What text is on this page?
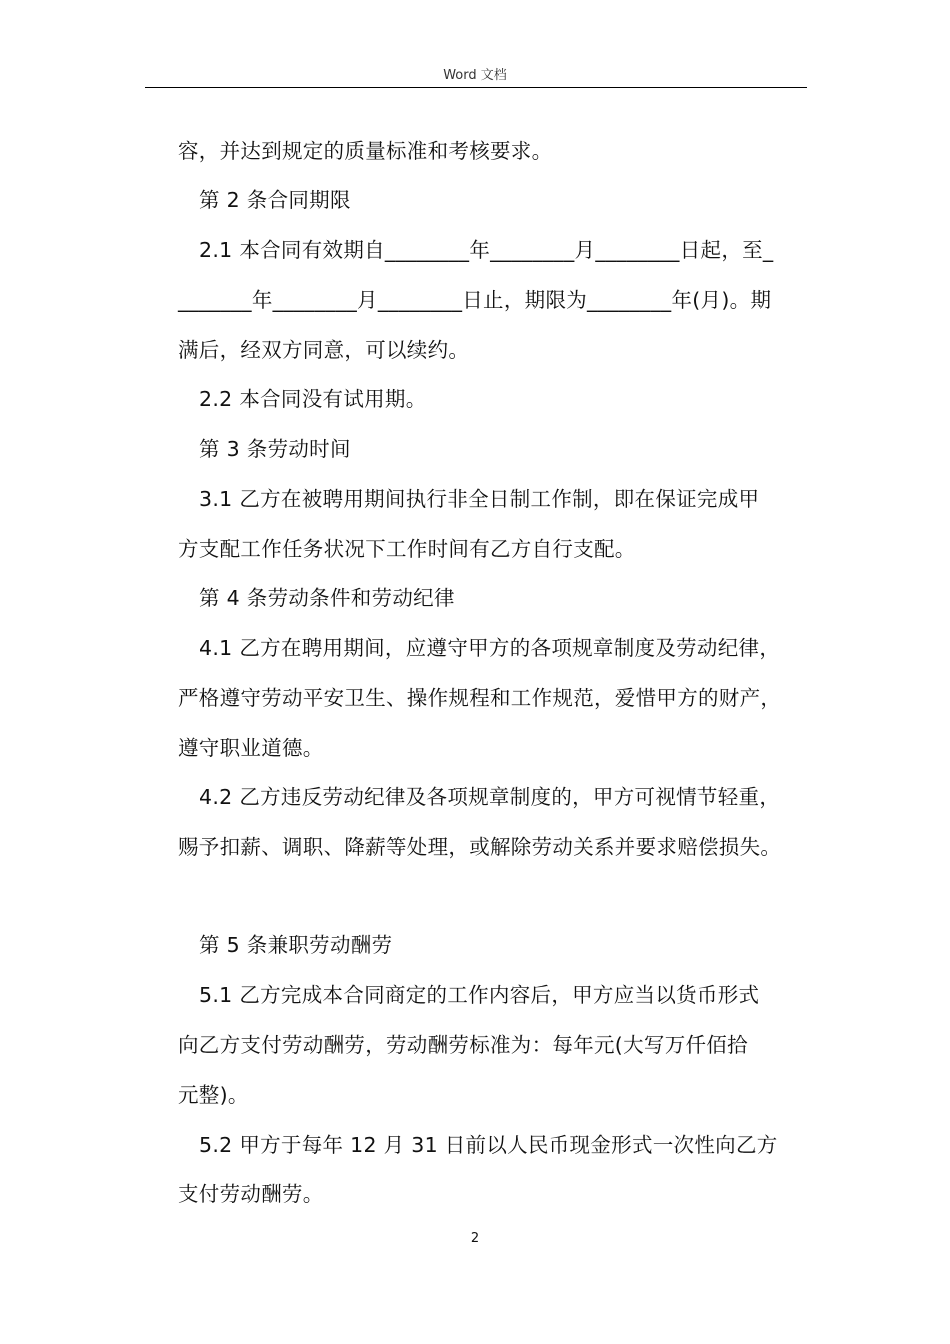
Word 文档
容，并达到规定的质量标准和考核要求。
第 2 条合同期限
2.1 本合同有效期自________年________月________日起，至_
_______年________月________日止，期限为________年(月)。期
满后，经双方同意，可以续约。
2.2 本合同没有试用期。
第 3 条劳动时间
3.1 乙方在被聘用期间执行非全日制工作制，即在保证完成甲
方支配工作任务状况下工作时间有乙方自行支配。
第 4 条劳动条件和劳动纪律
4.1 乙方在聘用期间，应遵守甲方的各项规章制度及劳动纪律，
严格遵守劳动平安卫生、操作规程和工作规范，爱惜甲方的财产，
遵守职业道德。
4.2 乙方违反劳动纪律及各项规章制度的，甲方可视情节轻重，
赐予扣薪、调职、降薪等处理，或解除劳动关系并要求赔偿损失。
第 5 条兼职劳动酬劳
5.1 乙方完成本合同商定的工作内容后，甲方应当以货币形式
向乙方支付劳动酬劳，劳动酬劳标准为：每年元(大写万仟佰拾
元整)。
5.2 甲方于每年 12 月 31 日前以人民币现金形式一次性向乙方
支付劳动酬劳。
2
